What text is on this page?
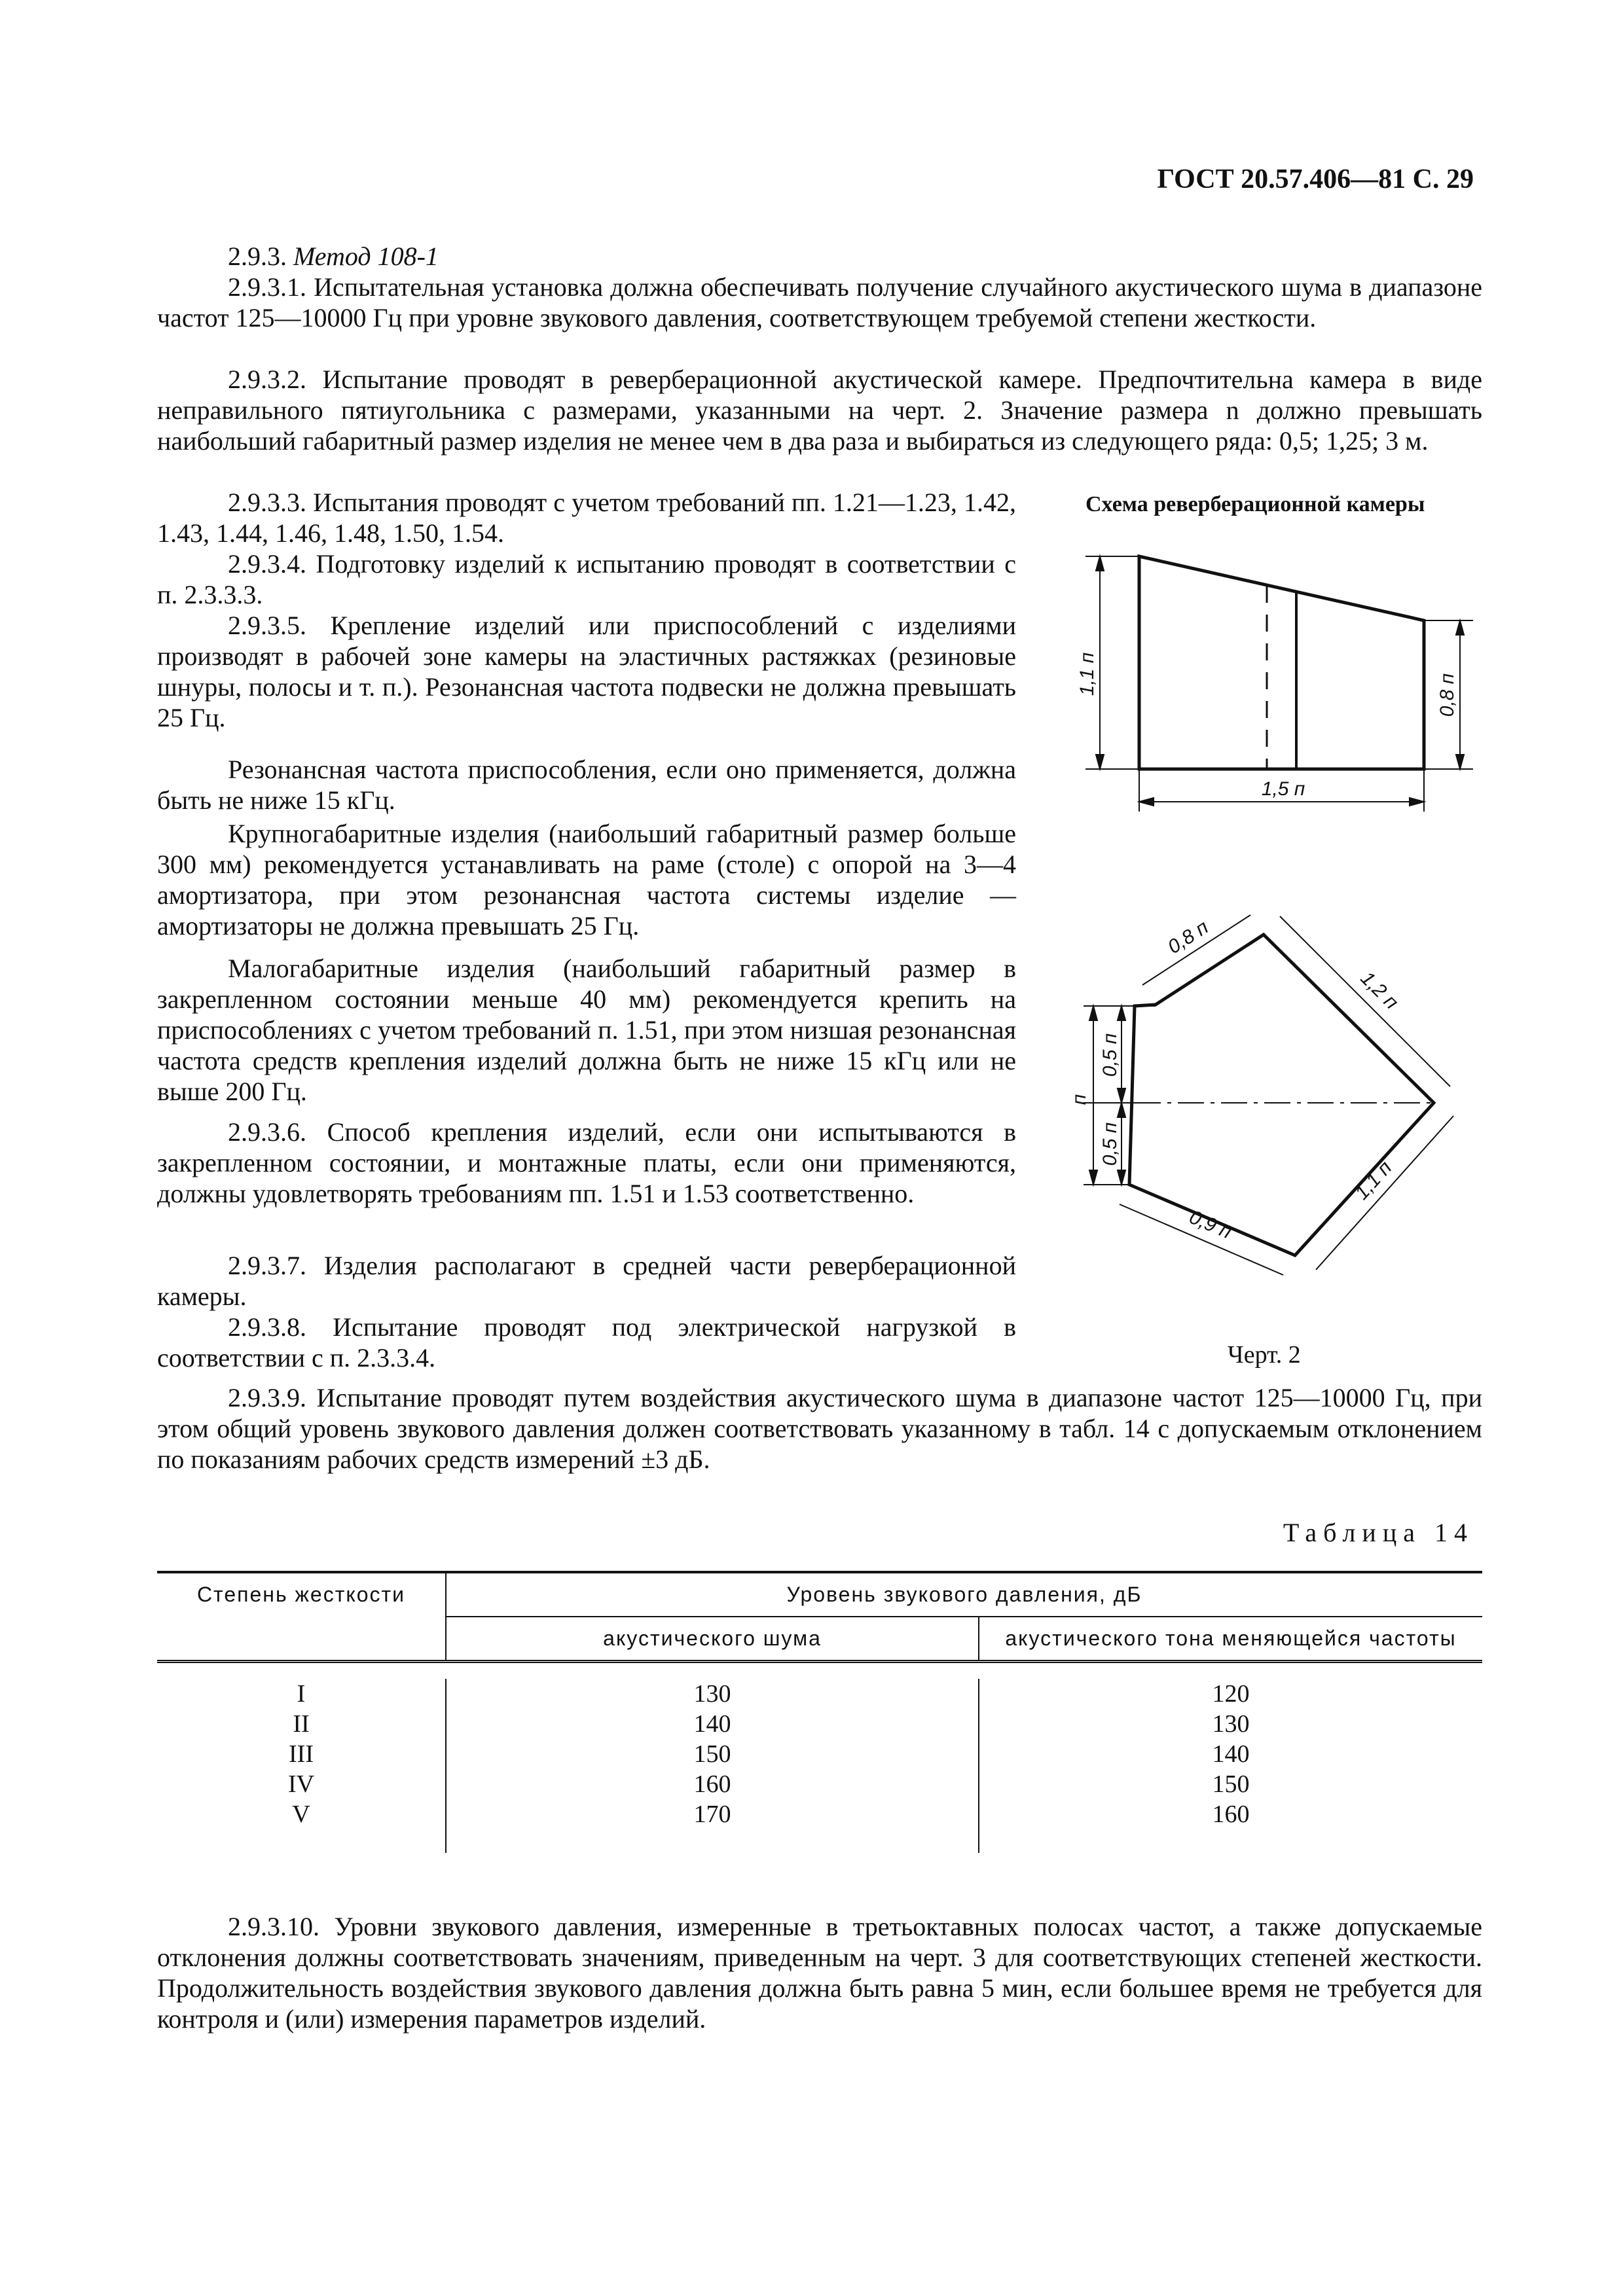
ГОСТ 20.57.406—81 С. 29

2.9.3. Метод 108-1

2.9.3.1. Испытательная установка должна обеспечивать получение случайного акустического шума в диапазоне частот 125—10000 Гц при уровне звукового давления, соответствующем требуемой степени жесткости.

2.9.3.2. Испытание проводят в реверберационной акустической камере. Предпочтительна камера в виде неправильного пятиугольника с размерами, указанными на черт. 2. Значение размера n должно превышать наибольший габаритный размер изделия не менее чем в два раза и выбираться из следующего ряда: 0,5; 1,25; 3 м.

2.9.3.3. Испытания проводят с учетом требований пп. 1.21—1.23, 1.42, 1.43, 1.44, 1.46, 1.48, 1.50, 1.54.

2.9.3.4. Подготовку изделий к испытанию проводят в соответствии с п. 2.3.3.3.

2.9.3.5. Крепление изделий или приспособлений с изделиями производят в рабочей зоне камеры на эластичных растяжках (резиновые шнуры, полосы и т. п.). Резонансная частота подвески не должна превышать 25 Гц.

Резонансная частота приспособления, если оно применяется, должна быть не ниже 15 кГц.

Крупногабаритные изделия (наибольший габаритный размер больше 300 мм) рекомендуется устанавливать на раме (столе) с опорой на 3—4 амортизатора, при этом резонансная частота системы изделие — амортизаторы не должна превышать 25 Гц.

Малогабаритные изделия (наибольший габаритный размер в закрепленном состоянии меньше 40 мм) рекомендуется крепить на приспособлениях с учетом требований п. 1.51, при этом низшая резонансная частота средств крепления изделий должна быть не ниже 15 кГц или не выше 200 Гц.

2.9.3.6. Способ крепления изделий, если они испытываются в закрепленном состоянии, и монтажные платы, если они применяются, должны удовлетворять требованиям пп. 1.51 и 1.53 соответственно.

2.9.3.7. Изделия располагают в средней части реверберационной камеры.

2.9.3.8. Испытание проводят под электрической нагрузкой в соответствии с п. 2.3.3.4.

2.9.3.9. Испытание проводят путем воздействия акустического шума в диапазоне частот 125—10000 Гц, при этом общий уровень звукового давления должен соответствовать указанному в табл. 14 с допускаемым отклонением по показаниям рабочих средств измерений ±3 дБ.

Схема реверберационной камеры
1,1 п	0,8 п
1,5 п
0,8 п
1,2 п
1,1 п
0,9 п
0,5 п
0,5 п
п
Черт. 2
Таблица 14
Степень жесткости	Уровень звукового давления, дБ	
	акустического шума	акустического тона меняющейся частоты

I	130	120
II	140	130
III	150	140
IV	160	150
V	170	160

2.9.3.10. Уровни звукового давления, измеренные в третьоктавных полосах частот, а также допускаемые отклонения должны соответствовать значениям, приведенным на черт. 3 для соответствующих степеней жесткости. Продолжительность воздействия звукового давления должна быть равна 5 мин, если большее время не требуется для контроля и (или) измерения параметров изделий.
